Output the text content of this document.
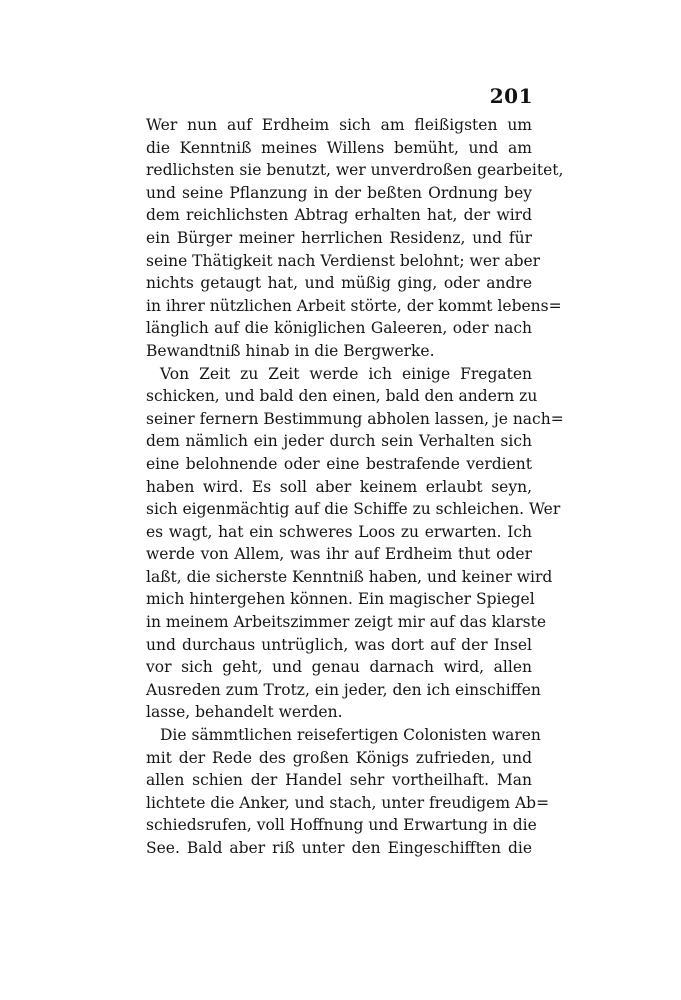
201
Wer nun auf Erdheim sich am fleißigsten um
die Kenntniß meines Willens bemüht, und am
redlichsten sie benutzt, wer unverdroßen gearbeitet,
und seine Pflanzung in der beßten Ordnung bey
dem reichlichsten Abtrag erhalten hat, der wird
ein Bürger meiner herrlichen Residenz, und für
seine Thätigkeit nach Verdienst belohnt; wer aber
nichts getaugt hat, und müßig ging, oder andre
in ihrer nützlichen Arbeit störte, der kommt lebens=
länglich auf die königlichen Galeeren, oder nach
Bewandtniß hinab in die Bergwerke.
Von Zeit zu Zeit werde ich einige Fregaten
schicken, und bald den einen, bald den andern zu
seiner fernern Bestimmung abholen lassen, je nach=
dem nämlich ein jeder durch sein Verhalten sich
eine belohnende oder eine bestrafende verdient
haben wird. Es soll aber keinem erlaubt seyn,
sich eigenmächtig auf die Schiffe zu schleichen. Wer
es wagt, hat ein schweres Loos zu erwarten. Ich
werde von Allem, was ihr auf Erdheim thut oder
laßt, die sicherste Kenntniß haben, und keiner wird
mich hintergehen können. Ein magischer Spiegel
in meinem Arbeitszimmer zeigt mir auf das klarste
und durchaus untrüglich, was dort auf der Insel
vor sich geht, und genau darnach wird, allen
Ausreden zum Trotz, ein jeder, den ich einschiffen
lasse, behandelt werden.
Die sämmtlichen reisefertigen Colonisten waren
mit der Rede des großen Königs zufrieden, und
allen schien der Handel sehr vortheilhaft. Man
lichtete die Anker, und stach, unter freudigem Ab=
schiedsrufen, voll Hoffnung und Erwartung in die
See. Bald aber riß unter den Eingeschifften die
